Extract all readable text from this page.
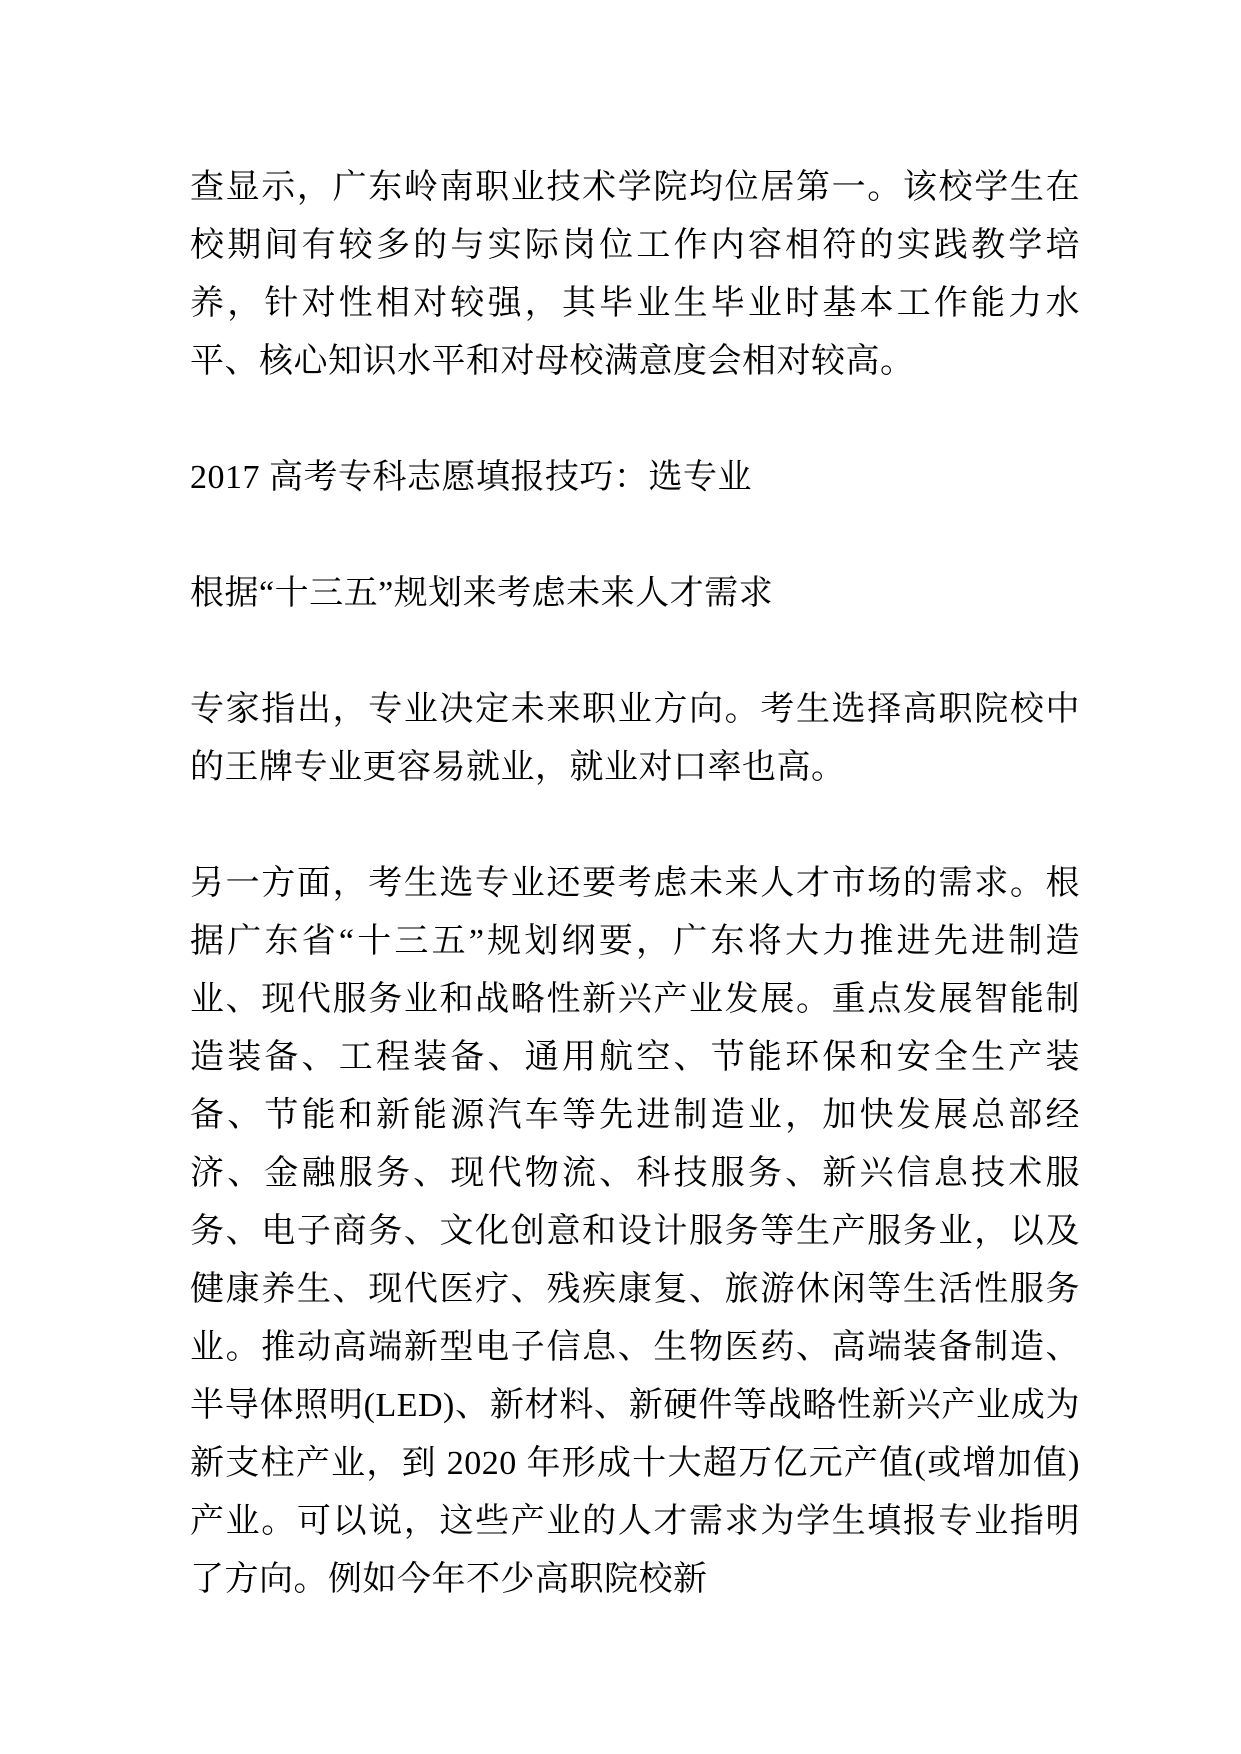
查显示，广东岭南职业技术学院均位居第一。该校学生在校期间有较多的与实际岗位工作内容相符的实践教学培养，针对性相对较强，其毕业生毕业时基本工作能力水平、核心知识水平和对母校满意度会相对较高。

2017 高考专科志愿填报技巧：选专业

根据“十三五”规划来考虑未来人才需求

专家指出，专业决定未来职业方向。考生选择高职院校中的王牌专业更容易就业，就业对口率也高。

另一方面，考生选专业还要考虑未来人才市场的需求。根据广东省“十三五”规划纲要，广东将大力推进先进制造业、现代服务业和战略性新兴产业发展。重点发展智能制造装备、工程装备、通用航空、节能环保和安全生产装备、节能和新能源汽车等先进制造业，加快发展总部经济、金融服务、现代物流、科技服务、新兴信息技术服务、电子商务、文化创意和设计服务等生产服务业，以及健康养生、现代医疗、残疾康复、旅游休闲等生活性服务业。推动高端新型电子信息、生物医药、高端装备制造、半导体照明(LED)、新材料、新硬件等战略性新兴产业成为新支柱产业，到 2020 年形成十大超万亿元产值(或增加值)产业。可以说，这些产业的人才需求为学生填报专业指明了方向。例如今年不少高职院校新
